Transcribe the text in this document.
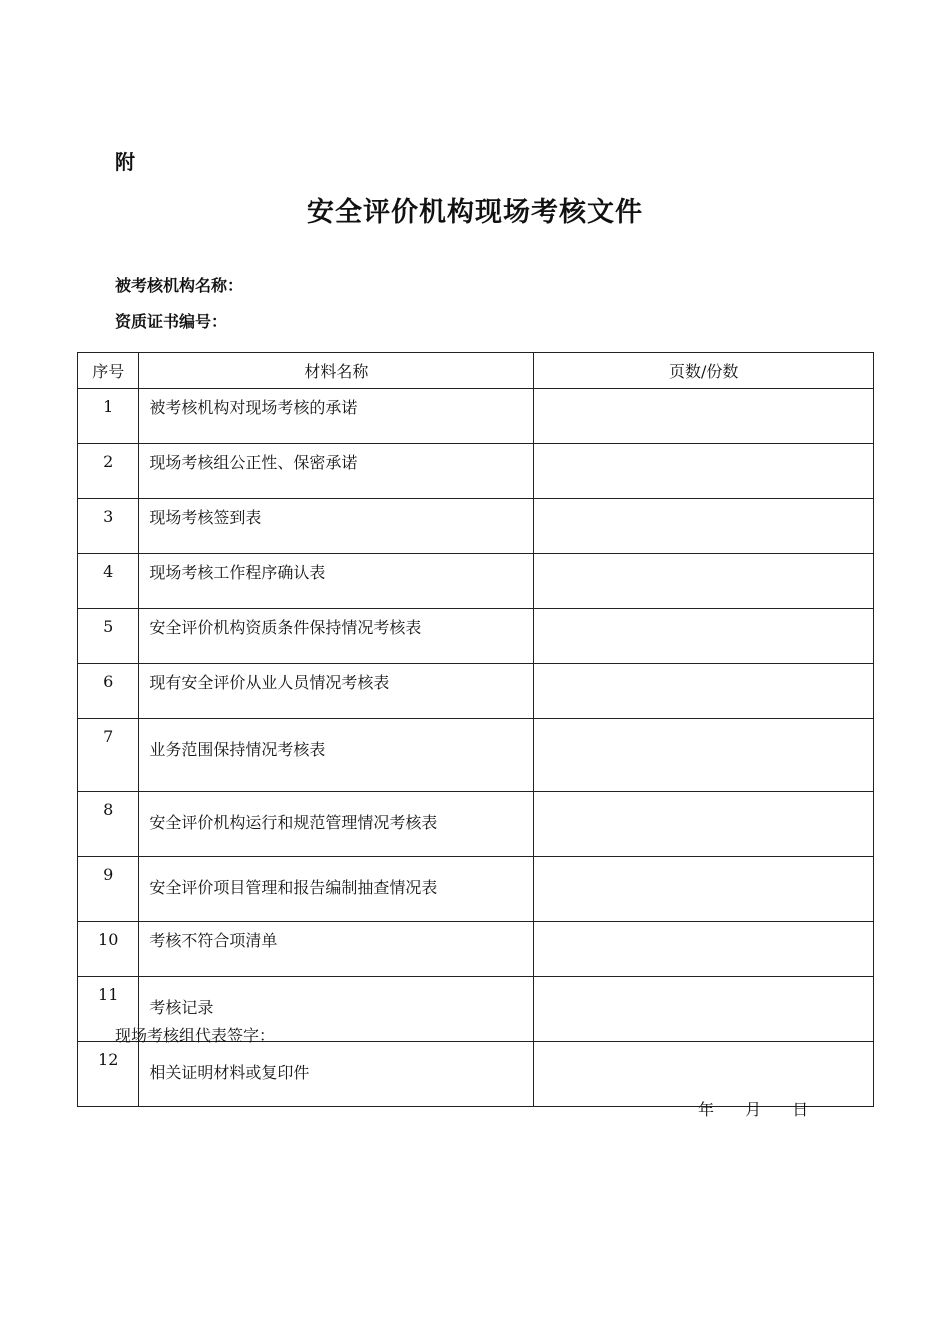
附
安全评价机构现场考核文件
被考核机构名称：
资质证书编号：
序号	材料名称	页数/份数
1	被考核机构对现场考核的承诺	
2	现场考核组公正性、保密承诺	
3	现场考核签到表	
4	现场考核工作程序确认表	
5	安全评价机构资质条件保持情况考核表	
6	现有安全评价从业人员情况考核表	
7	业务范围保持情况考核表	
8	安全评价机构运行和规范管理情况考核表	
9	安全评价项目管理和报告编制抽查情况表	
10	考核不符合项清单	
11	考核记录	
12	相关证明材料或复印件	
现场考核组代表签字：
年 月 日
